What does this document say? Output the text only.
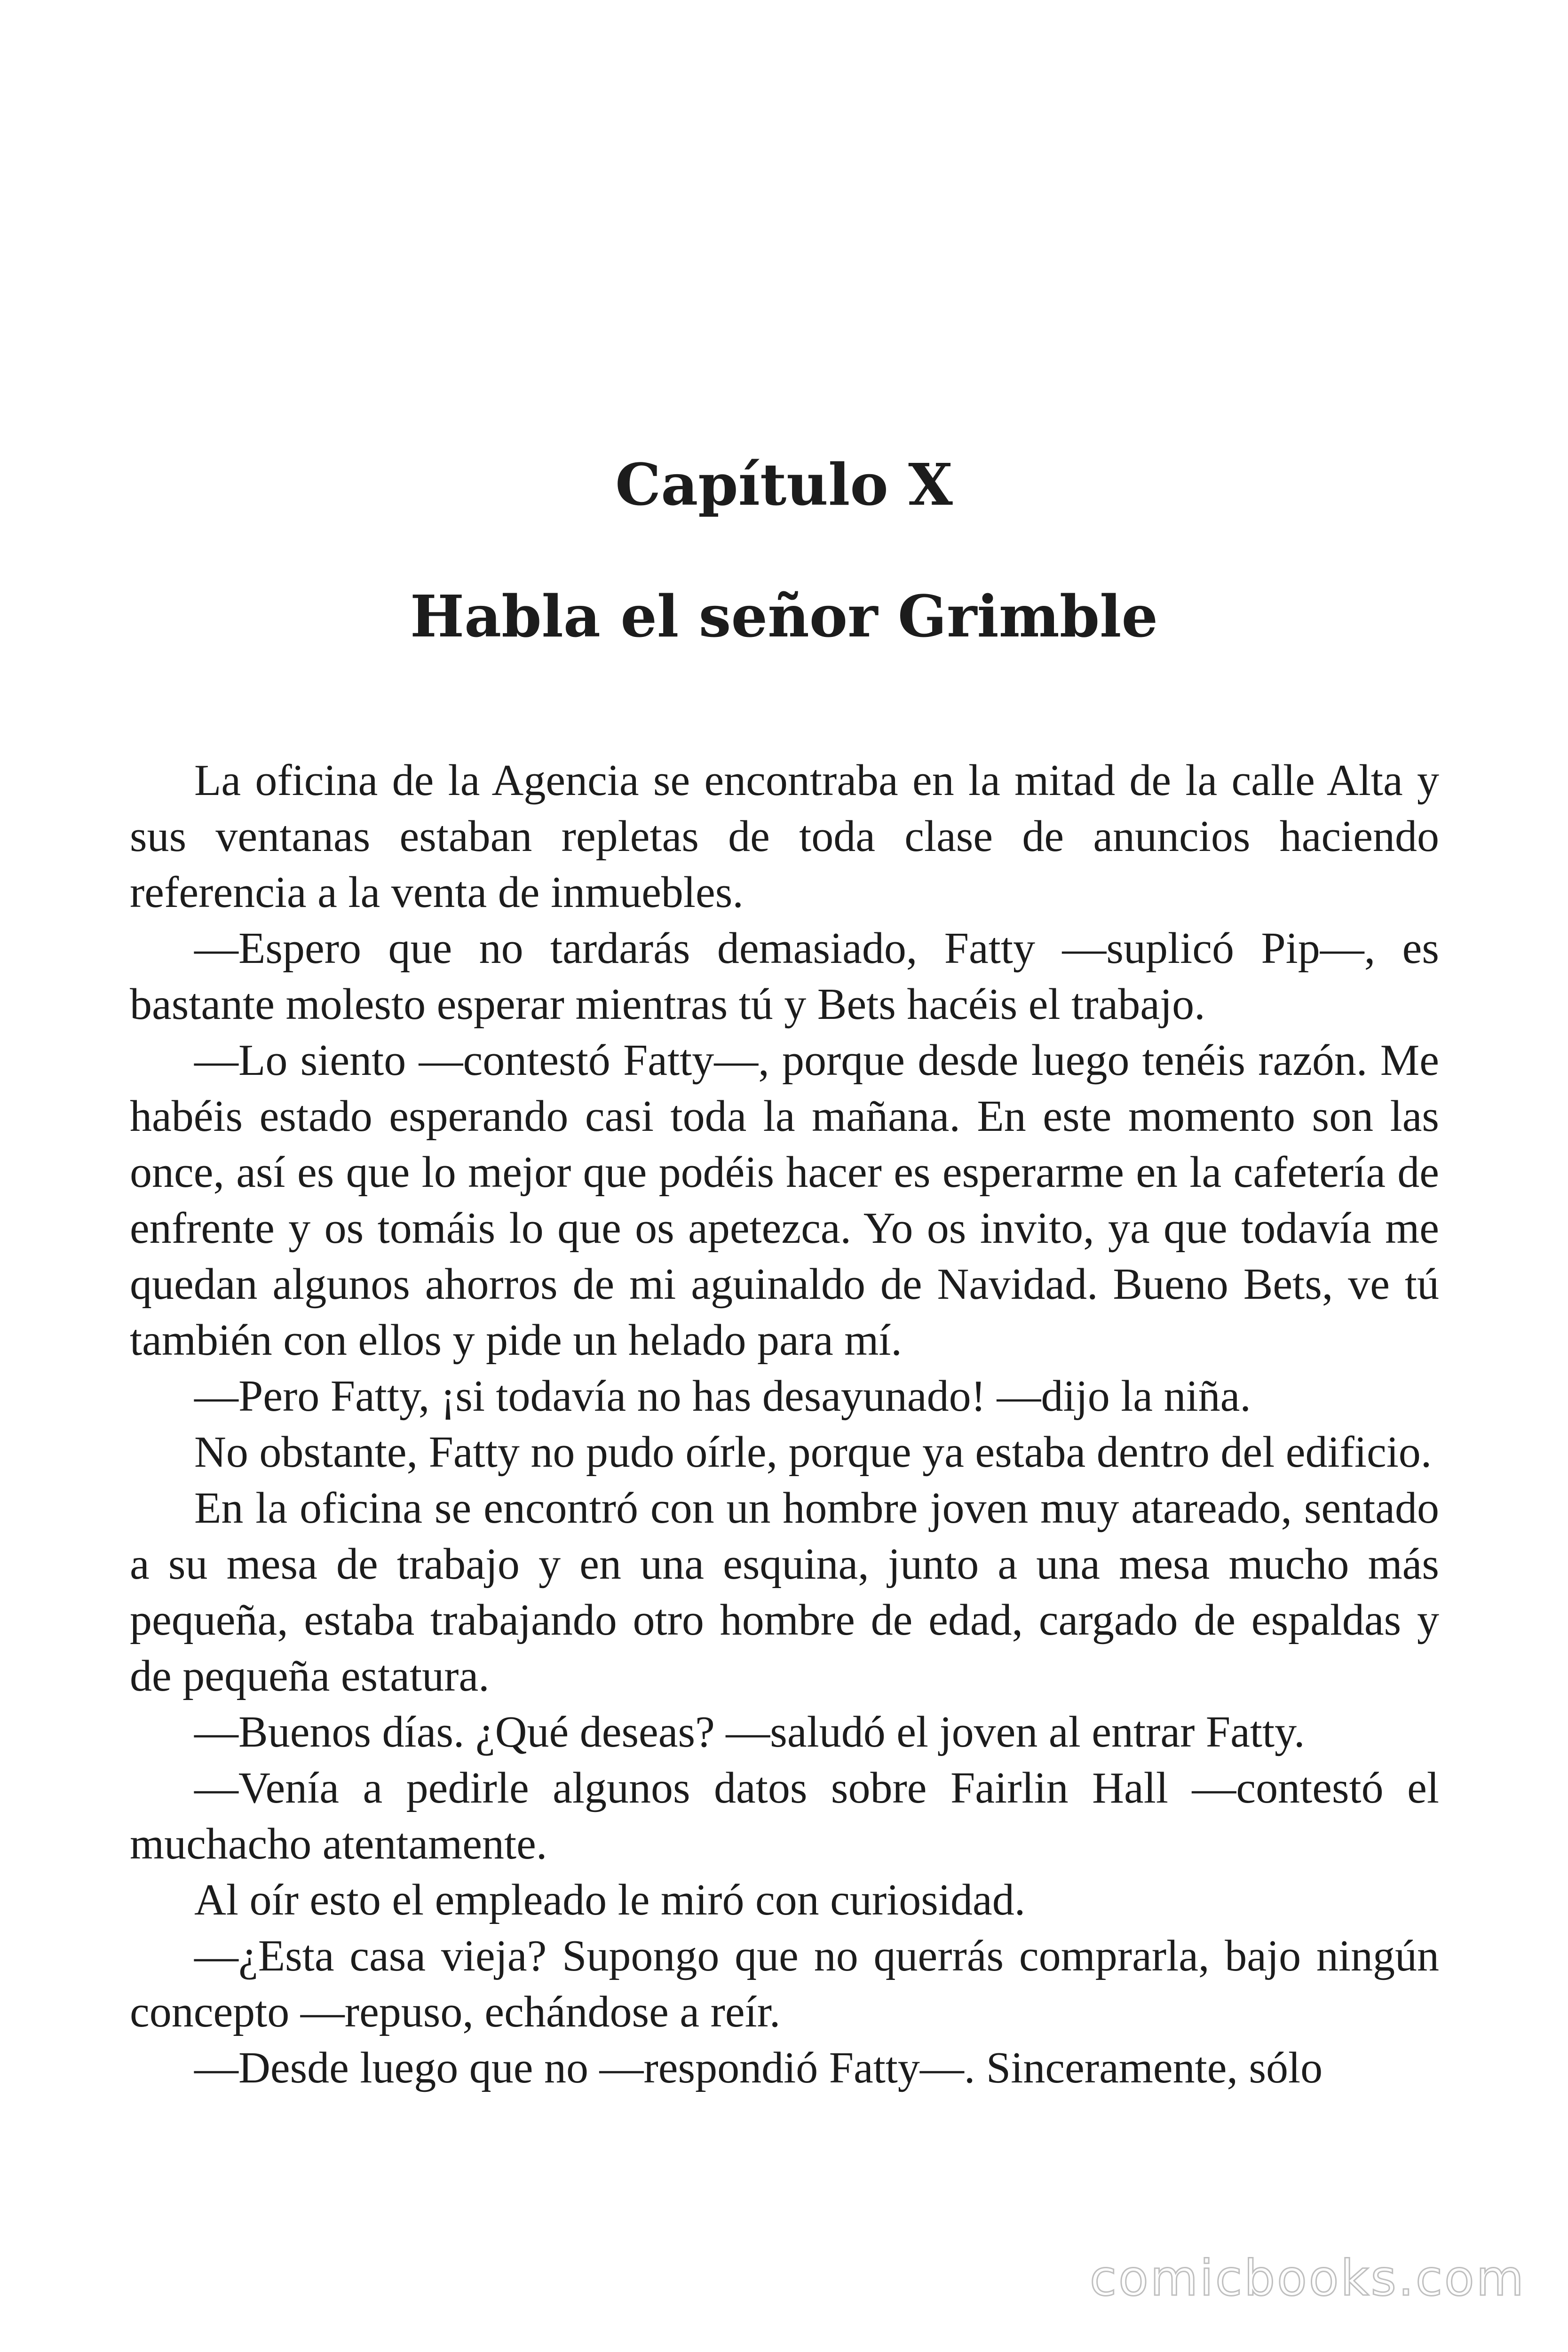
Capítulo X
Habla el señor Grimble

La oficina de la Agencia se encontraba en la mitad de la calle Alta y sus ventanas estaban repletas de toda clase de anuncios haciendo referencia a la venta de inmuebles.

—Espero que no tardarás demasiado, Fatty —suplicó Pip—, es bastante molesto esperar mientras tú y Bets hacéis el trabajo.

—Lo siento —contestó Fatty—, porque desde luego tenéis razón. Me habéis estado esperando casi toda la mañana. En este momento son las once, así es que lo mejor que podéis hacer es esperarme en la cafetería de enfrente y os tomáis lo que os apetezca. Yo os invito, ya que todavía me quedan algunos ahorros de mi aguinaldo de Navidad. Bueno Bets, ve tú también con ellos y pide un helado para mí.

—Pero Fatty, ¡si todavía no has desayunado! —dijo la niña.

No obstante, Fatty no pudo oírle, porque ya estaba dentro del edificio.

En la oficina se encontró con un hombre joven muy atareado, sentado a su mesa de trabajo y en una esquina, junto a una mesa mucho más pequeña, estaba trabajando otro hombre de edad, cargado de espaldas y de pequeña estatura.

—Buenos días. ¿Qué deseas? —saludó el joven al entrar Fatty.

—Venía a pedirle algunos datos sobre Fairlin Hall —contestó el muchacho atentamente.

Al oír esto el empleado le miró con curiosidad.

—¿Esta casa vieja? Supongo que no querrás comprarla, bajo ningún concepto —repuso, echándose a reír.

—Desde luego que no —respondió Fatty—. Sinceramente, sólo

comicbooks.com
